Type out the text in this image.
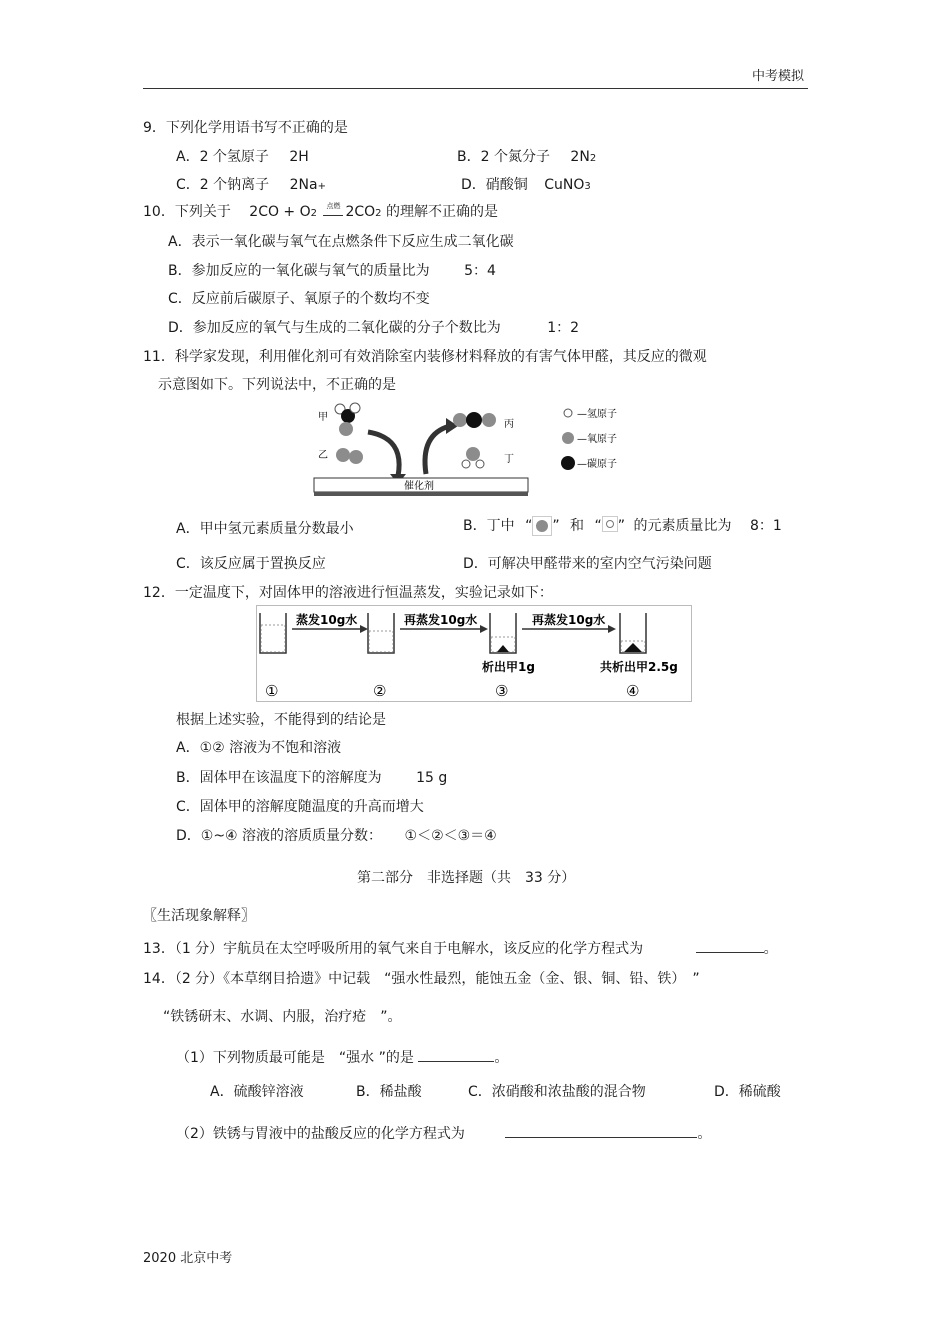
中考模拟
9．下列化学用语书写不正确的是
A．2 个氢原子 2H	B．2 个氮分子 2N2
C．2 个钠离子 2Na+	D．硝酸铜 CuNO3
10．下列关于 2CO + O2
点燃 2CO2 的理解不正确的是
A．表示一氧化碳与氧气在点燃条件下反应生成二氧化碳
B．参加反应的一氧化碳与氧气的质量比为 5：4
C．反应前后碳原子、氧原子的个数均不变
D．参加反应的氧气与生成的二氧化碳的分子个数比为	1：2
11．科学家发现，利用催化剂可有效消除室内装修材料释放的有害气体甲醛，其反应的微观
示意图如下。下列说法中，不正确的是
甲
乙
丙
丁
催化剂
—氢原子
—氧原子
—碳原子
A．甲中氢元素质量分数最小	B．丁中 “ ” 和 “ ” 的元素质量比为 8：1
C．该反应属于置换反应	D．可解决甲醛带来的室内空气污染问题
12．一定温度下，对固体甲的溶液进行恒温蒸发，实验记录如下：
蒸发10g水	再蒸发10g水
析出甲1g
再蒸发10g水
共析出甲2.5g
①	②	③	④
根据上述实验，不能得到的结论是
A．①② 溶液为不饱和溶液
B．固体甲在该温度下的溶解度为 15 g
C．固体甲的溶解度随温度的升高而增大
D．①~④ 溶液的溶质质量分数： ①＜②＜③＝④
第二部分　非选择题（共　33 分）
〖生活现象解释〗
13．（1 分）宇航员在太空呼吸所用的氧气来自于电解水，该反应的化学方程式为	。
14．（2 分）《本草纲目拾遗》中记载　“强水性最烈，能蚀五金（金、银、铜、铅、铁）　”
“铁锈研末、水调、内服，治疗疮　”。
（1）下列物质最可能是　“强水 ”的是	。
A．硫酸锌溶液	B．稀盐酸	C．浓硝酸和浓盐酸的混合物	D．稀硫酸
（2）铁锈与胃液中的盐酸反应的化学方程式为	。
2020 北京中考
